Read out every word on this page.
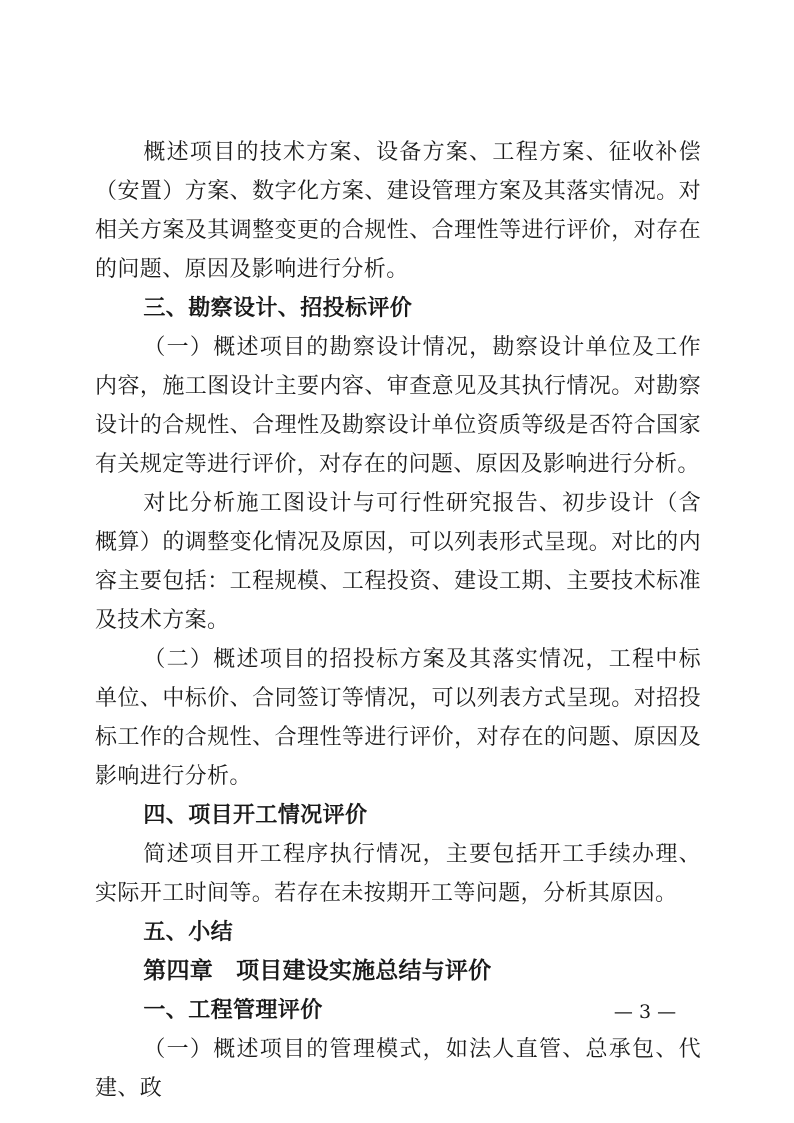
概述项目的技术方案、设备方案、工程方案、征收补偿（安置）方案、数字化方案、建设管理方案及其落实情况。对相关方案及其调整变更的合规性、合理性等进行评价，对存在的问题、原因及影响进行分析。

三、勘察设计、招投标评价

（一）概述项目的勘察设计情况，勘察设计单位及工作内容，施工图设计主要内容、审查意见及其执行情况。对勘察设计的合规性、合理性及勘察设计单位资质等级是否符合国家有关规定等进行评价，对存在的问题、原因及影响进行分析。

对比分析施工图设计与可行性研究报告、初步设计（含概算）的调整变化情况及原因，可以列表形式呈现。对比的内容主要包括：工程规模、工程投资、建设工期、主要技术标准及技术方案。

（二）概述项目的招投标方案及其落实情况，工程中标单位、中标价、合同签订等情况，可以列表方式呈现。对招投标工作的合规性、合理性等进行评价，对存在的问题、原因及影响进行分析。

四、项目开工情况评价

简述项目开工程序执行情况，主要包括开工手续办理、实际开工时间等。若存在未按期开工等问题，分析其原因。

五、小结

第四章　项目建设实施总结与评价

一、工程管理评价

（一）概述项目的管理模式，如法人直管、总承包、代建、政

— 3 —
